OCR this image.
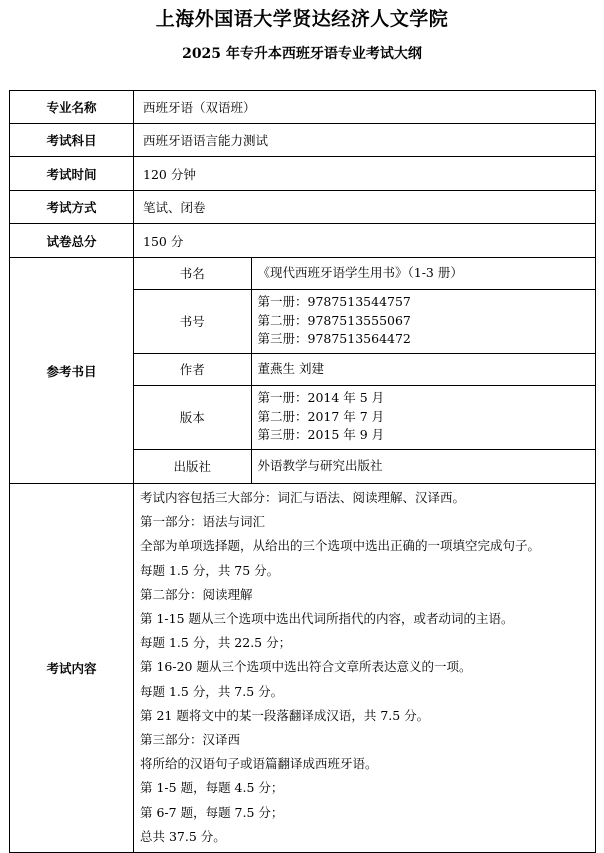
上海外国语大学贤达经济人文学院
2025 年专升本西班牙语专业考试大纲
专业名称	西班牙语（双语班）
考试科目	西班牙语语言能力测试
考试时间	120 分钟
考试方式	笔试、闭卷
试卷总分	150 分
参考书目	
书名	《现代西班牙语学生用书》（1-3 册）
书号	
第一册：9787513544757
第二册：9787513555067
第三册：9787513564472

作者	董燕生 刘建
版本	
第一册：2014 年 5 月
第二册：2017 年 7 月
第三册：2015 年 9 月

出版社	外语教学与研究出版社

考试内容	
考试内容包括三大部分：词汇与语法、阅读理解、汉译西。
第一部分：语法与词汇
全部为单项选择题，从给出的三个选项中选出正确的一项填空完成句子。
每题 1.5 分，共 75 分。
第二部分：阅读理解
第 1-15 题从三个选项中选出代词所指代的内容，或者动词的主语。
每题 1.5 分，共 22.5 分；
第 16-20 题从三个选项中选出符合文章所表达意义的一项。
每题 1.5 分，共 7.5 分。
第 21 题将文中的某一段落翻译成汉语，共 7.5 分。
第三部分：汉译西
将所给的汉语句子或语篇翻译成西班牙语。
第 1-5 题，每题 4.5 分；
第 6-7 题，每题 7.5 分；
总共 37.5 分。
